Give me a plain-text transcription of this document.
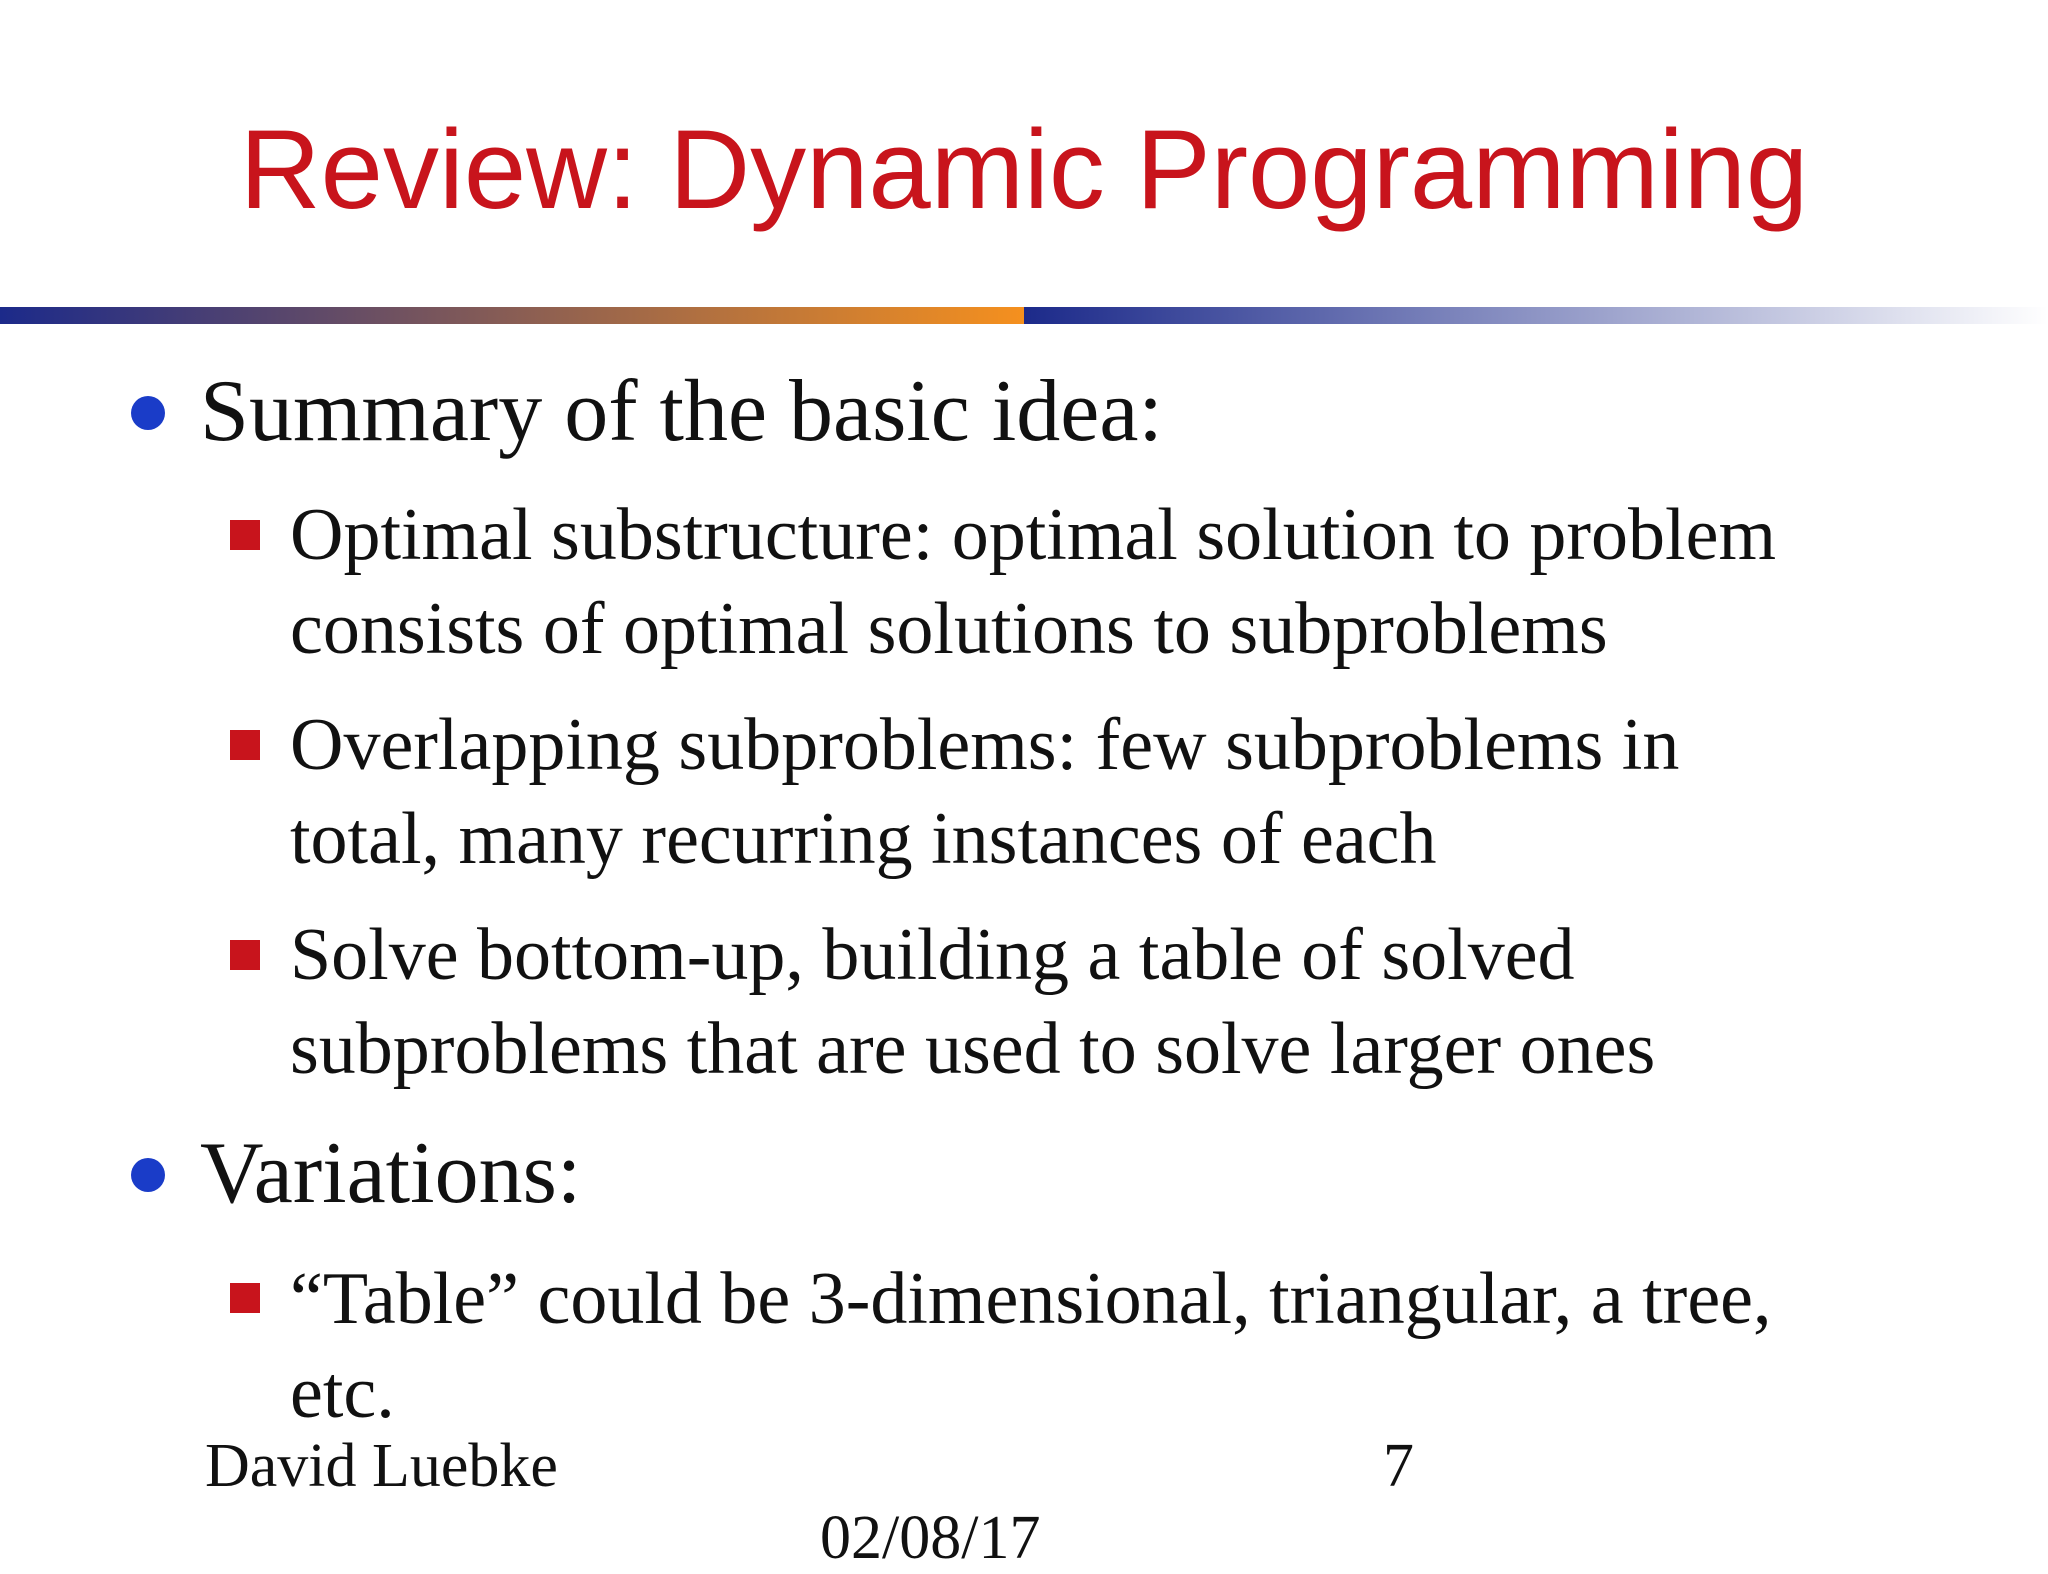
Review: Dynamic Programming
Summary of the basic idea:
Optimal substructure: optimal solution to problem
consists of optimal solutions to subproblems
Overlapping subproblems: few subproblems in
total, many recurring instances of each
Solve bottom-up, building a table of solved
subproblems that are used to solve larger ones
Variations:
“Table” could be 3-dimensional, triangular, a tree,
etc.
David Luebke	7
02/08/17
